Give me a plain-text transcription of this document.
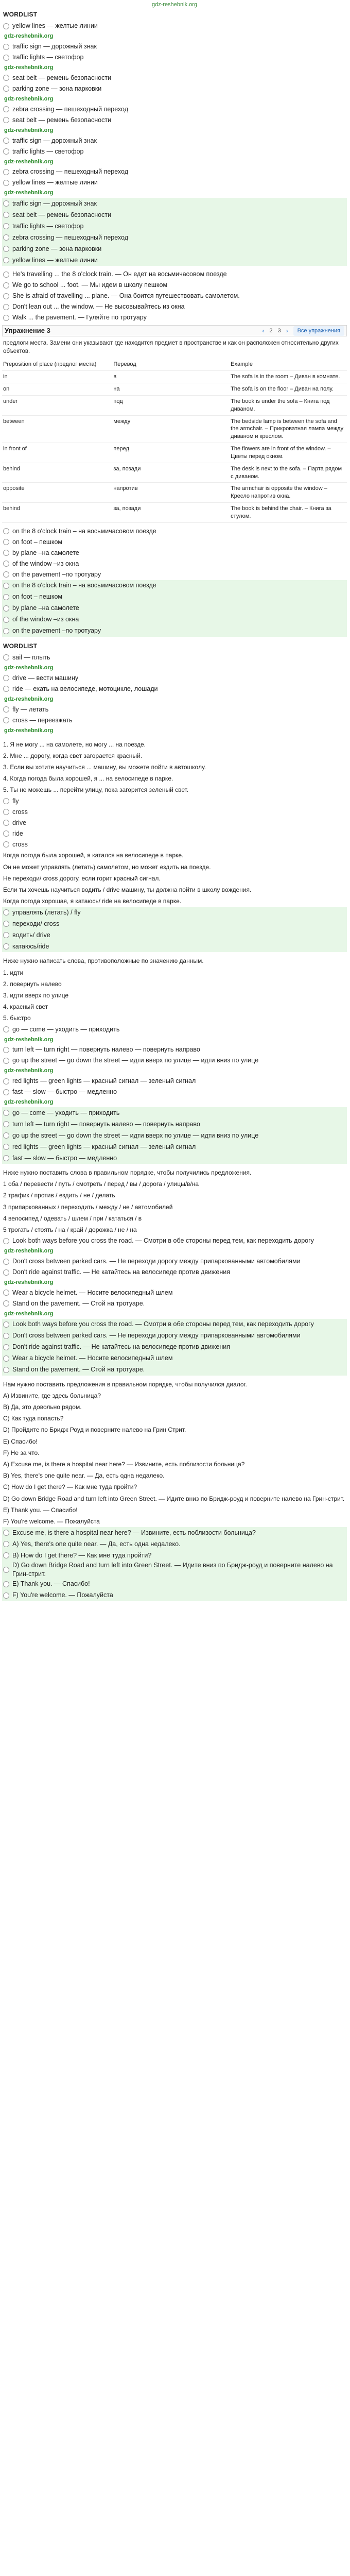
gdz-reshebnik.org
WORDLIST
yellow lines — желтые линии
gdz-reshebnik.org
traffic sign — дорожный знак
traffic lights — светофор
gdz-reshebnik.org
seat belt — ремень безопасности
parking zone — зона парковки
gdz-reshebnik.org
zebra crossing — пешеходный переход
seat belt — ремень безопасности
gdz-reshebnik.org
traffic sign — дорожный знак
traffic lights — светофор
gdz-reshebnik.org
zebra crossing — пешеходный переход
yellow lines — желтые линии
gdz-reshebnik.org
traffic sign — дорожный знак
seat belt — ремень безопасности
traffic lights — светофор
zebra crossing — пешеходный переход
parking zone — зона парковки
yellow lines — желтые линии
He's travelling ... the 8 o'clock train. — Он едет на восьмичасовом поезде
We go to school ... foot. — Мы идем в школу пешком
She is afraid of travelling ... plane. — Она боится путешествовать самолетом.
Don't lean out ... the window. — Не высовывайтесь из окна
Walk ... the pavement. — Гуляйте по тротуару
Упражнение 3	‹ 2 3 ›	Все упражнения
предлоги места. Замени они указывают где находится предмет в пространстве и как он расположен относительно других объектов.
Preposition of place (предлог места)	Перевод		Example
in	в		The sofa is in the room – Диван в комнате.
on	на		The sofa is on the floor – Диван на полу.
under	под		The book is under the sofa – Книга под диваном.
between	между		The bedside lamp is between the sofa and the armchair. – Прикроватная лампа между диваном и креслом.
in front of	перед		The flowers are in front of the window. – Цветы перед окном.
behind	за, позади		The desk is next to the sofa. – Парта рядом с диваном.
opposite	напротив		The armchair is opposite the window – Кресло напротив окна.
behind	за, позади		The book is behind the chair. – Книга за стулом.
on the 8 o'clock train – на восьмичасовом поезде
on foot – пешком
by plane –на самолете
of the window –из окна
on the pavement –по тротуару
on the 8 o'clock train – на восьмичасовом поезде
on foot – пешком
by plane –на самолете
of the window –из окна
on the pavement –по тротуару
WORDLIST
sail — плыть
gdz-reshebnik.org
drive — вести машину
ride — ехать на велосипеде, мотоцикле, лошади
gdz-reshebnik.org
fly — летать
cross — переезжать
gdz-reshebnik.org
1. Я не могу ... на самолете, но могу ... на поезде.
2. Мне ... дорогу, когда свет загорается красный.
3. Если вы хотите научиться ... машину, вы можете пойти в автошколу.
4. Когда погода была хорошей, я ... на велосипеде в парке.
5. Ты не можешь ... перейти улицу, пока загорится зеленый свет.
fly
cross
drive
ride
cross
Когда погода была хорошей, я катался на велосипеде в парке.
Он не может управлять (летать) самолетом, но может ездить на поезде.
Не переходи/ cross дорогу, если горит красный сигнал.
Если ты хочешь научиться водить / drive машину, ты должна пойти в школу вождения.
Когда погода хорошая, я катаюсь/ ride на велосипеде в парке.
управлять (летать) / fly
переходи/ cross
водить/ drive
катаюсь/ride
Ниже нужно написать слова, противоположные по значению данным.
1. идти
2. повернуть налево
3. идти вверх по улице
4. красный свет
5. быстро
go — come — уходить — приходить
gdz-reshebnik.org
turn left — turn right — повернуть налево — повернуть направо
go up the street — go down the street — идти вверх по улице — идти вниз по улице
gdz-reshebnik.org
red lights — green lights — красный сигнал — зеленый сигнал
fast — slow — быстро — медленно
gdz-reshebnik.org
go — come — уходить — приходить
turn left — turn right — повернуть налево — повернуть направо
go up the street — go down the street — идти вверх по улице — идти вниз по улице
red lights — green lights — красный сигнал — зеленый сигнал
fast — slow — быстро — медленно
Ниже нужно поставить слова в правильном порядке, чтобы получились предложения.
1 оба / перевести / путь / смотреть / перед / вы / дорога / улицы/в/на
2 трафик / против / ездить / не / делать
3 припаркованных / переходить / между / не / автомобилей
4 велосипед / одевать / шлем / при / кататься / в
5 трогать / стоять / на / край / дорожка / не / на
Look both ways before you cross the road. — Смотри в обе стороны перед тем, как переходить дорогу
gdz-reshebnik.org
Don't cross between parked cars. — Не переходи дорогу между припаркованными автомобилями
Don't ride against traffic. — Не катайтесь на велосипеде против движения
gdz-reshebnik.org
Wear a bicycle helmet. — Носите велосипедный шлем
Stand on the pavement. — Стой на тротуаре.
gdz-reshebnik.org
Look both ways before you cross the road. — Смотри в обе стороны перед тем, как переходить дорогу
Don't cross between parked cars. — Не переходи дорогу между припаркованными автомобилями
Don't ride against traffic. — Не катайтесь на велосипеде против движения
Wear a bicycle helmet. — Носите велосипедный шлем
Stand on the pavement. — Стой на тротуаре.
Нам нужно поставить предложения в правильном порядке, чтобы получился диалог.
A) Извините, где здесь больница?
B) Да, это довольно рядом.
C) Как туда попасть?
D) Пройдите по Бридж Роуд и поверните налево на Грин Стрит.
E) Спасибо!
F) Не за что.
A) Excuse me, is there a hospital near here? — Извините, есть поблизости больница?
B) Yes, there's one quite near. — Да, есть одна недалеко.
C) How do I get there? — Как мне туда пройти?
D) Go down Bridge Road and turn left into Green Street. — Идите вниз по Бридж-роуд и поверните налево на Грин-стрит.
E) Thank you. — Спасибо!
F) You're welcome. — Пожалуйста
Excuse me, is there a hospital near here? — Извините, есть поблизости больница?
A) Yes, there's one quite near. — Да, есть одна недалеко.
B) How do I get there? — Как мне туда пройти?
D) Go down Bridge Road and turn left into Green Street. — Идите вниз по Бридж-роуд и поверните налево на Грин-стрит.
E) Thank you. — Спасибо!
F) You're welcome. — Пожалуйста
